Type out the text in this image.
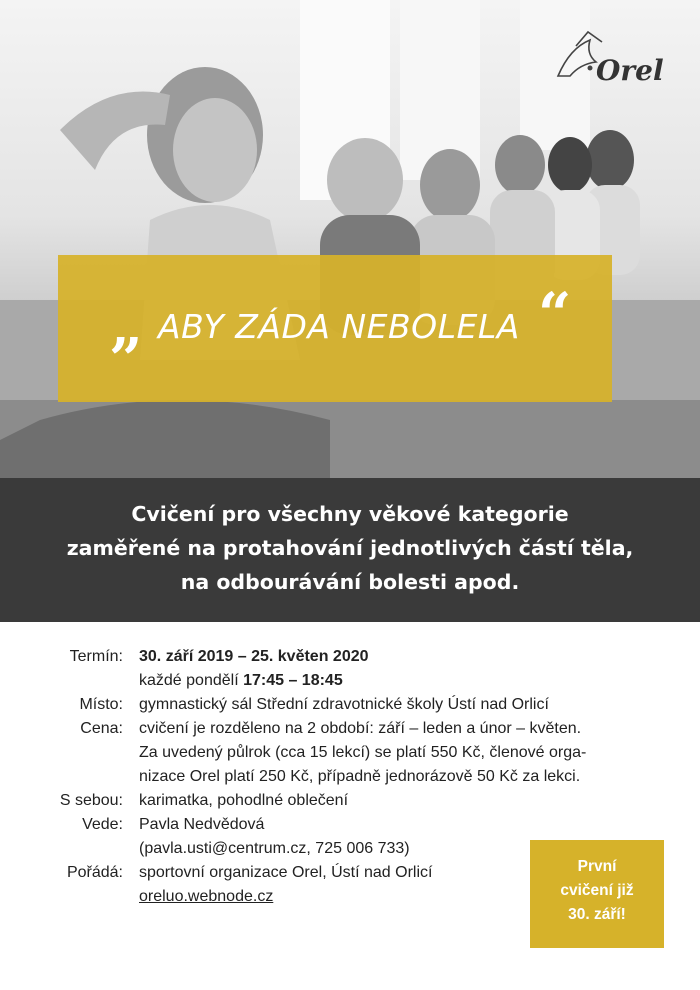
Orel
„ ABY ZÁDA NEBOLELA “
Cvičení pro všechny věkové kategorie
zaměřené na protahování jednotlivých částí těla,
na odbourávání bolesti apod.
Termín: 30. září 2019 – 25. květen 2020
každé pondělí 17:45 – 18:45
Místo: gymnastický sál Střední zdravotnické školy Ústí nad Orlicí
Cena: cvičení je rozděleno na 2 období: září – leden a únor – květen.
Za uvedený půlrok (cca 15 lekcí) se platí 550 Kč, členové orga-
nizace Orel platí 250 Kč, případně jednorázově 50 Kč za lekci.
S sebou: karimatka, pohodlné oblečení
Vede: Pavla Nedvědová
(pavla.usti@centrum.cz, 725 006 733)
Pořádá: sportovní organizace Orel, Ústí nad Orlicí
oreluo.webnode.cz
První
cvičení již
30. září!
